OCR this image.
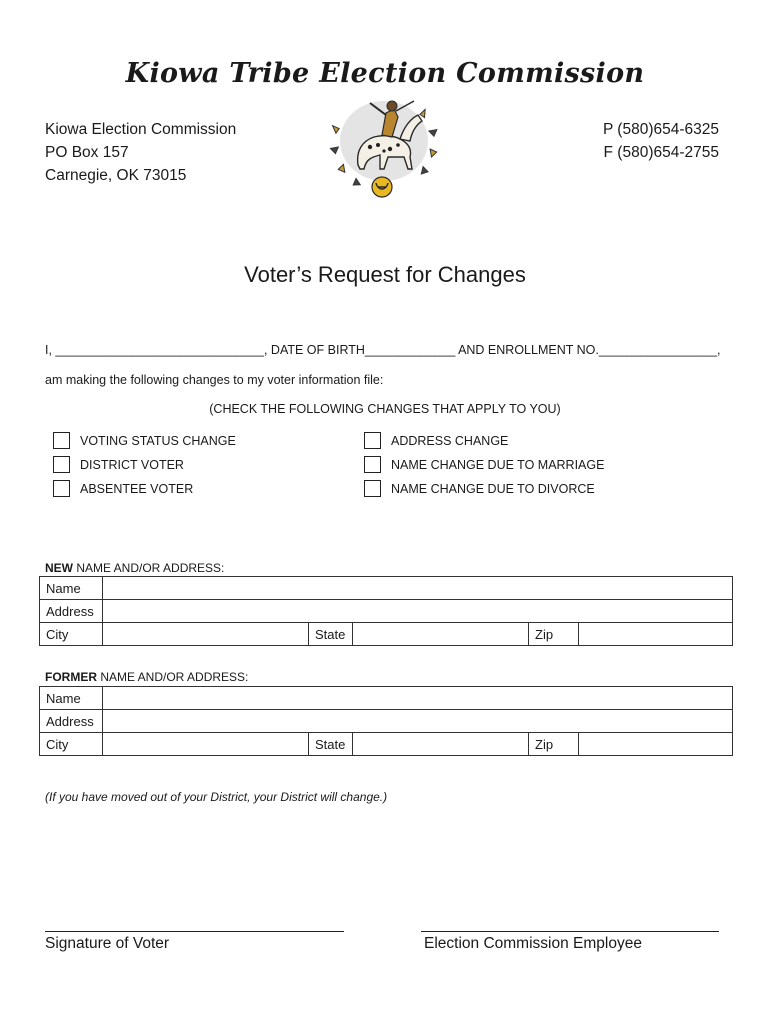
Kiowa Tribe Election Commission
Kiowa Election Commission
PO Box 157
Carnegie, OK 73015
P (580)654-6325
F (580)654-2755
Voter’s Request for Changes
I, ______________________________, DATE OF BIRTH_____________ AND ENROLLMENT NO._________________,
am making the following changes to my voter information file:
(CHECK THE FOLLOWING CHANGES THAT APPLY TO YOU)
VOTING STATUS CHANGE
DISTRICT VOTER
ABSENTEE VOTER
ADDRESS CHANGE
NAME CHANGE DUE TO MARRIAGE
NAME CHANGE DUE TO DIVORCE
NEW NAME AND/OR ADDRESS:
Name					
Address					
City		State		Zip	
FORMER NAME AND/OR ADDRESS:
Name					
Address					
City		State		Zip	
(If you have moved out of your District, your District will change.)
Signature of Voter	Election Commission Employee
